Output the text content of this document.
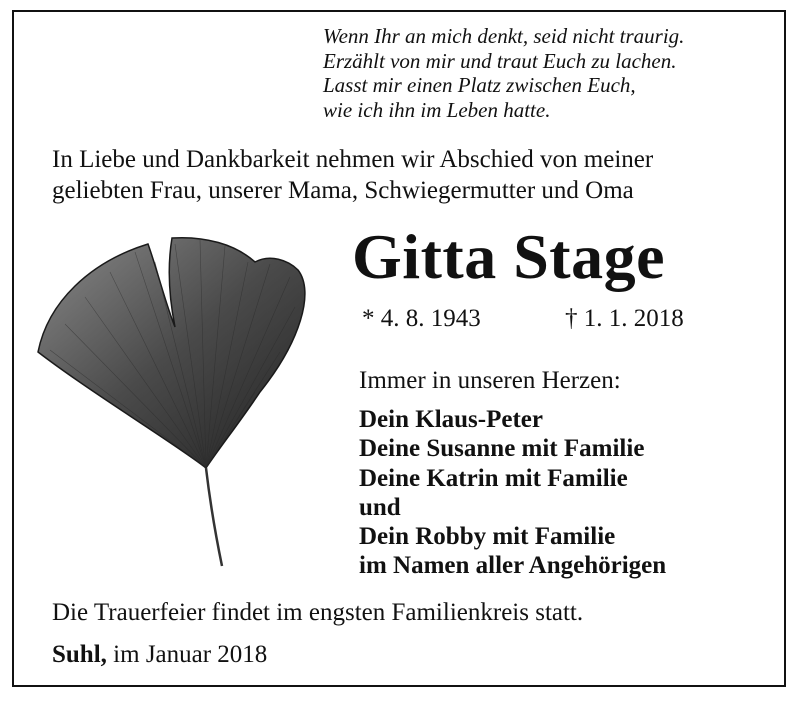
Wenn Ihr an mich denkt, seid nicht traurig.
Erzählt von mir und traut Euch zu lachen.
Lasst mir einen Platz zwischen Euch,
wie ich ihn im Leben hatte.
In Liebe und Dankbarkeit nehmen wir Abschied von meiner
geliebten Frau, unserer Mama, Schwiegermutter und Oma
Gitta Stage
* 4. 8. 1943	† 1. 1. 2018
Immer in unseren Herzen:
Dein Klaus-Peter
Deine Susanne mit Familie
Deine Katrin mit Familie
und
Dein Robby mit Familie
im Namen aller Angehörigen
Die Trauerfeier findet im engsten Familienkreis statt.
Suhl, im Januar 2018
